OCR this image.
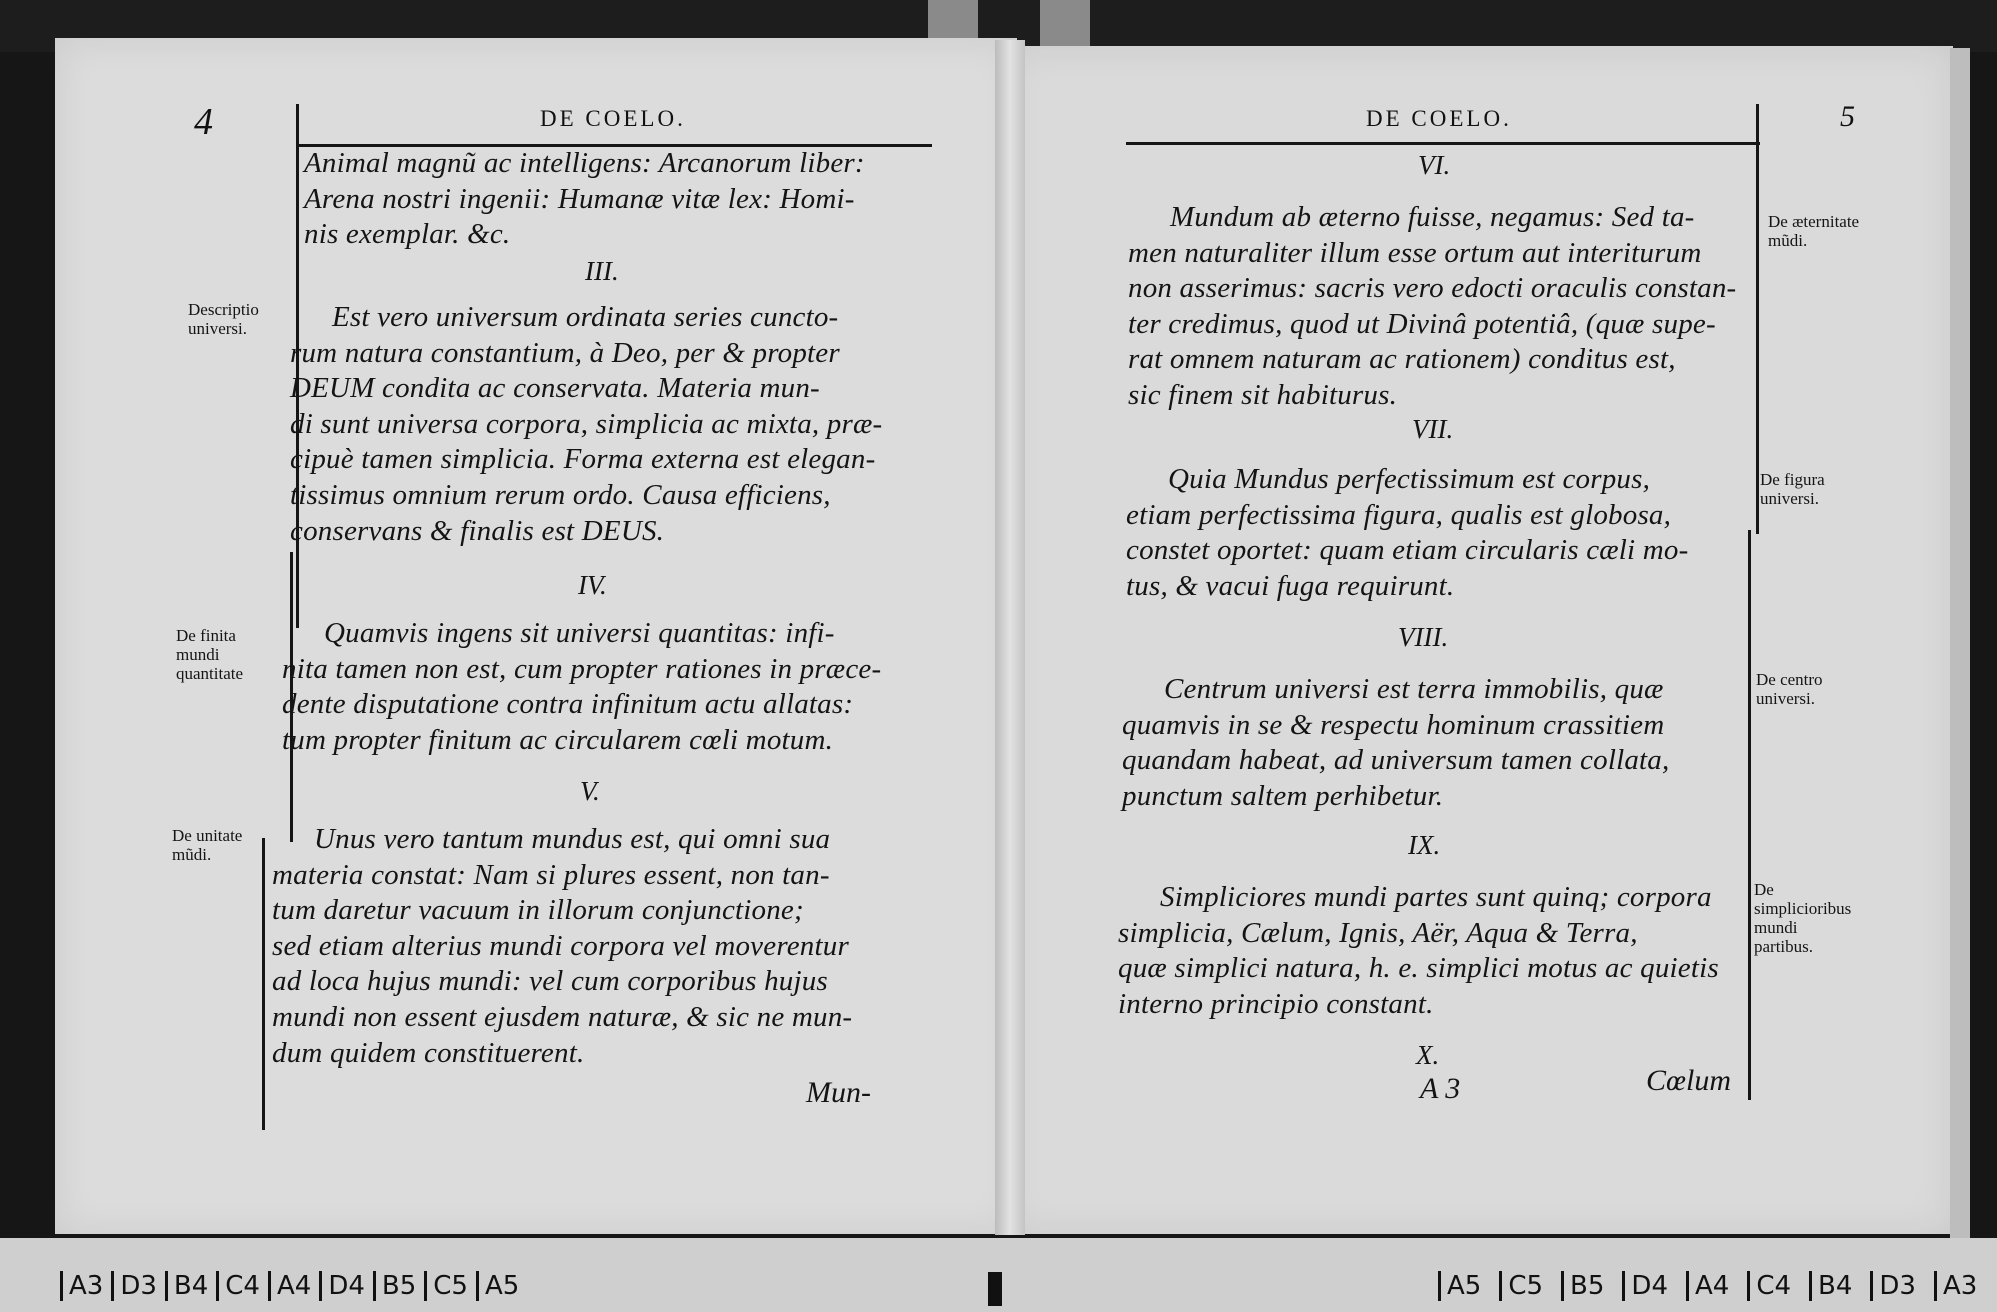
4	DE COELO.

Animal magnũ ac intelligens: Arcanorum liber:

Arena nostri ingenii: Humanæ vitæ lex: Homi-

nis exemplar. &c.

III.

Est vero universum ordinata series cuncto-

rum natura constantium, à Deo, per & propter

DEUM condita ac conservata. Materia mun-

di sunt universa corpora, simplicia ac mixta, præ-

cipuè tamen simplicia. Forma externa est elegan-

tissimus omnium rerum ordo. Causa efficiens,

conservans & finalis est DEUS.

IV.

Quamvis ingens sit universi quantitas: infi-

nita tamen non est, cum propter rationes in præce-

dente disputatione contra infinitum actu allatas:

tum propter finitum ac circularem cœli motum.

V.

Unus vero tantum mundus est, qui omni sua

materia constat: Nam si plures essent, non tan-

tum daretur vacuum in illorum conjunctione;

sed etiam alterius mundi corpora vel moverentur

ad loca hujus mundi: vel cum corporibus hujus

mundi non essent ejusdem naturæ, & sic ne mun-

dum quidem constituerent.

Mun-
Descriptio universi.
De finita mundi quantitate
De unitate mũdi.
DE COELO.	5
VI.

Mundum ab æterno fuisse, negamus: Sed ta-

men naturaliter illum esse ortum aut interiturum

non asserimus: sacris vero edocti oraculis constan-

ter credimus, quod ut Divinâ potentiâ, (quæ supe-

rat omnem naturam ac rationem) conditus est,

sic finem sit habiturus.

VII.

Quia Mundus perfectissimum est corpus,

etiam perfectissima figura, qualis est globosa,

constet oportet: quam etiam circularis cæli mo-

tus, & vacui fuga requirunt.

VIII.

Centrum universi est terra immobilis, quæ

quamvis in se & respectu hominum crassitiem

quandam habeat, ad universum tamen collata,

punctum saltem perhibetur.

IX.

Simpliciores mundi partes sunt quinq; corpora

simplicia, Cælum, Ignis, Aër, Aqua & Terra,

quæ simplici natura, h. e. simplici motus ac quietis

interno principio constant.

X.
A 3	Cœlum
De æternitate mũdi.
De figura universi.
De centro universi.
De simplicioribus mundi partibus.
A3 D3 B4 C4 A4 D4 B5 C5 A5	A5	C5	B5	D4	A4	C4	B4	D3	A3
